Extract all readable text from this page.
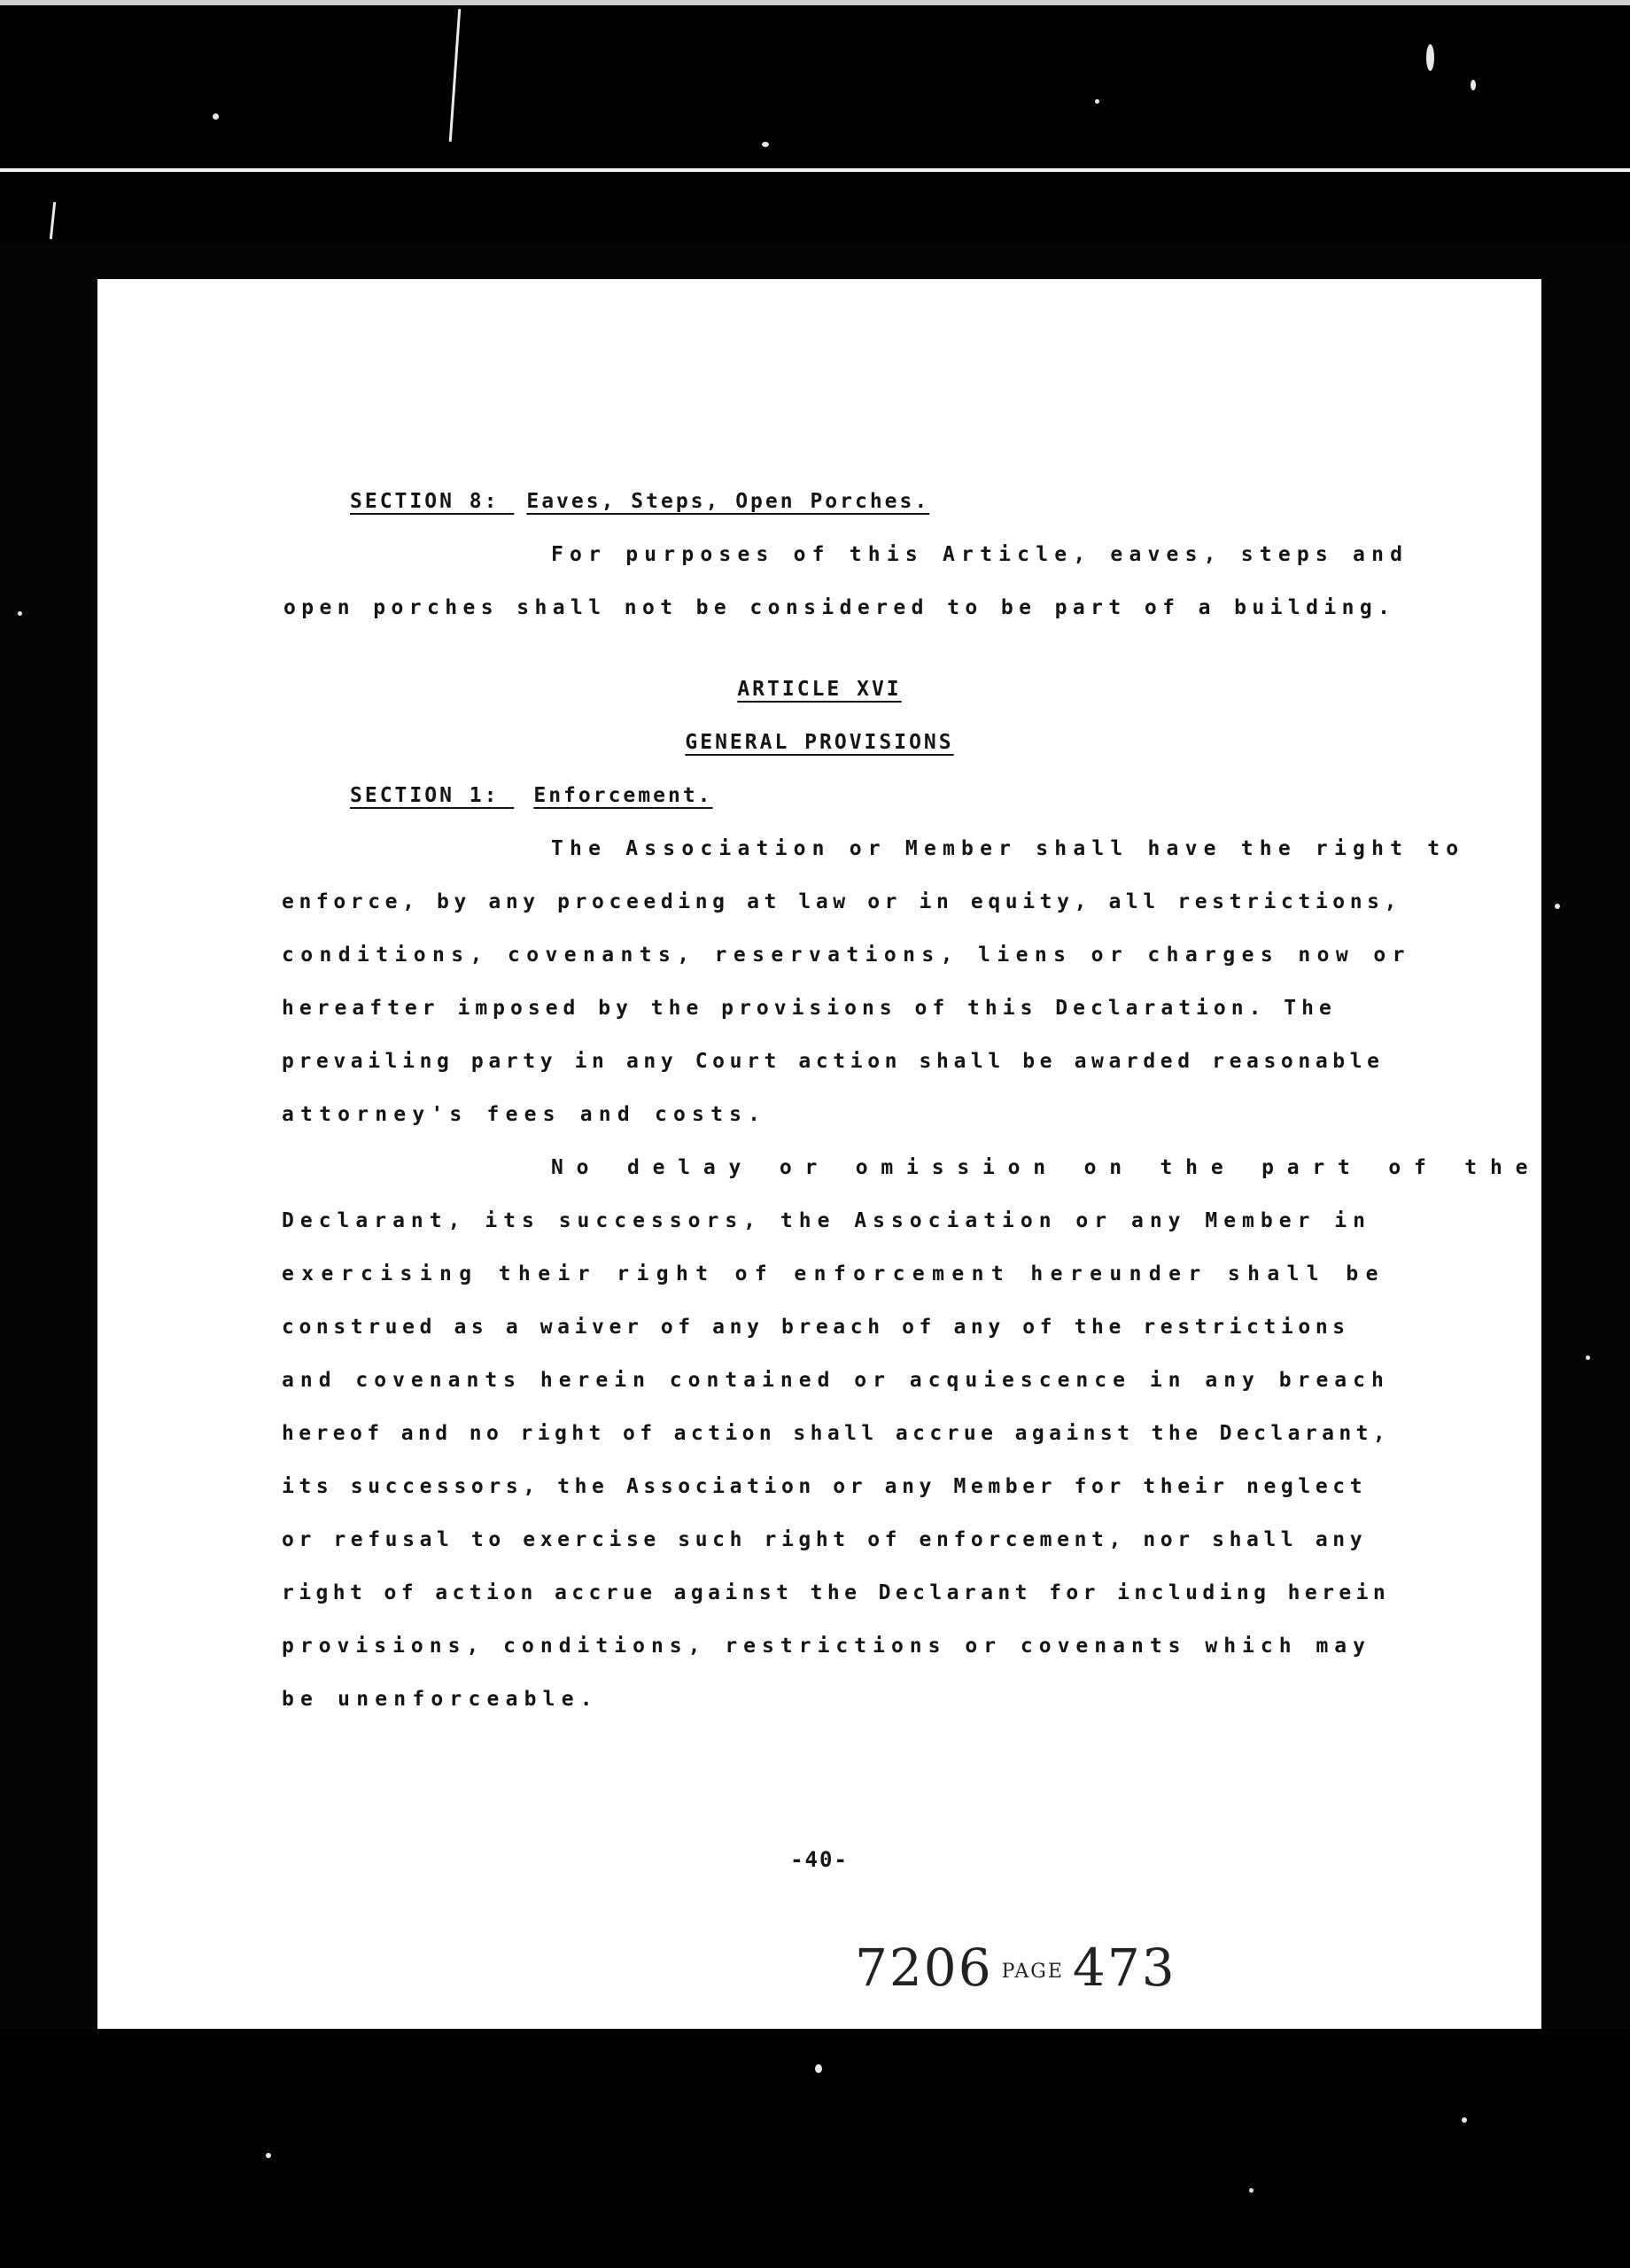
SECTION 8: Eaves, Steps, Open Porches.
For purposes of this Article, eaves, steps and
open porches shall not be considered to be part of a building.
ARTICLE XVI
GENERAL PROVISIONS
SECTION 1: Enforcement.
The Association or Member shall have the right to
enforce, by any proceeding at law or in equity, all restrictions,
conditions, covenants, reservations, liens or charges now or
hereafter imposed by the provisions of this Declaration. The
prevailing party in any Court action shall be awarded reasonable
attorney's fees and costs.
No delay or omission on the part of the
Declarant, its successors, the Association or any Member in
exercising their right of enforcement hereunder shall be
construed as a waiver of any breach of any of the restrictions
and covenants herein contained or acquiescence in any breach
hereof and no right of action shall accrue against the Declarant,
its successors, the Association or any Member for their neglect
or refusal to exercise such right of enforcement, nor shall any
right of action accrue against the Declarant for including herein
provisions, conditions, restrictions or covenants which may
be unenforceable.
-40-
7206 PAGE 473
